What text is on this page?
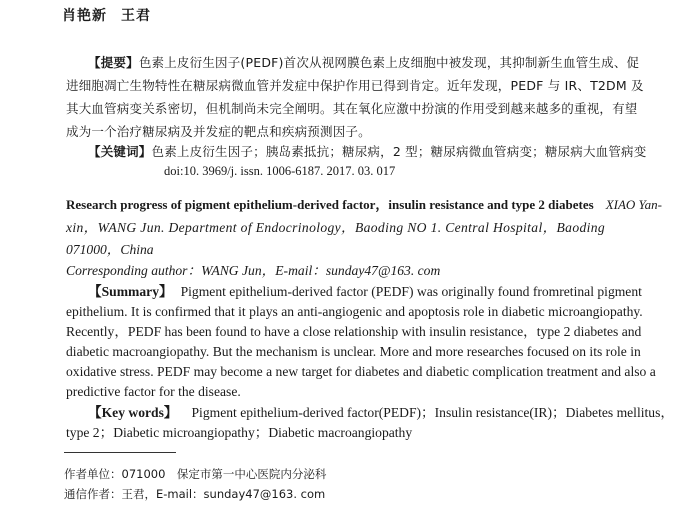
肖艳新 王君
【提要】色素上皮衍生因子(PEDF)首次从视网膜色素上皮细胞中被发现，其抑制新生血管生成、促
进细胞凋亡生物特性在糖尿病微血管并发症中保护作用已得到肯定。近年发现，PEDF 与 IR、T2DM 及
其大血管病变关系密切，但机制尚未完全阐明。其在氧化应激中扮演的作用受到越来越多的重视，有望
成为一个治疗糖尿病及并发症的靶点和疾病预测因子。
【关键词】色素上皮衍生因子；胰岛素抵抗；糖尿病，2 型；糖尿病微血管病变；糖尿病大血管病变
doi:10. 3969/j. issn. 1006-6187. 2017. 03. 017
Research progress of pigment epithelium-derived factor，insulin resistance and type 2 diabetes XIAO Yan-
xin，WANG Jun. Department of Endocrinology，Baoding NO 1. Central Hospital，Baoding
071000，China
Corresponding author：WANG Jun，E-mail：sunday47@163. com
【Summary】 Pigment epithelium-derived factor (PEDF) was originally found fromretinal pigment
epithelium. It is confirmed that it plays an anti-angiogenic and apoptosis role in diabetic microangiopathy.
Recently，PEDF has been found to have a close relationship with insulin resistance，type 2 diabetes and
diabetic macroangiopathy. But the mechanism is unclear. More and more researches focused on its role in
oxidative stress. PEDF may become a new target for diabetes and diabetic complication treatment and also a
predictive factor for the disease.
【Key words】 Pigment epithelium-derived factor(PEDF)；Insulin resistance(IR)；Diabetes mellitus，
type 2；Diabetic microangiopathy；Diabetic macroangiopathy
作者单位：071000　保定市第一中心医院内分泌科
通信作者：王君，E-mail：sunday47@163. com
